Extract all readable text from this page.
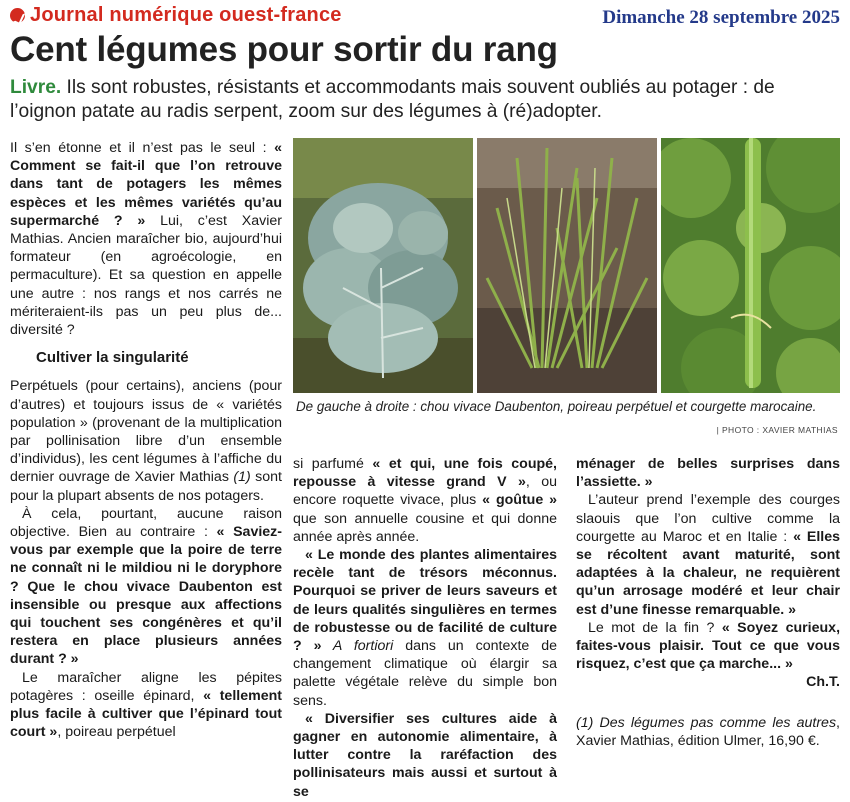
Journal numérique ouest-france	Dimanche 28 septembre 2025
Cent légumes pour sortir du rang
Livre. Ils sont robustes, résistants et accommodants mais souvent oubliés au potager : de l’oignon patate au radis serpent, zoom sur des légumes à (ré)adopter.

Il s’en étonne et il n’est pas le seul : « Comment se fait-il que l’on retrouve dans tant de potagers les mêmes espèces et les mêmes variétés qu’au supermarché ? » Lui, c’est Xavier Mathias. Ancien maraîcher bio, aujourd’hui formateur (en agroécologie, en permaculture). Et sa question en appelle une autre : nos rangs et nos carrés ne mériteraient-ils pas un peu plus de... diversité ?

Cultiver la singularité

Perpétuels (pour certains), anciens (pour d’autres) et toujours issus de « variétés population » (provenant de la multiplication par pollinisation libre d’un ensemble d’individus), les cent légumes à l’affiche du dernier ouvrage de Xavier Mathias (1) sont pour la plupart absents de nos potagers.

À cela, pourtant, aucune raison objective. Bien au contraire : « Saviez-vous par exemple que la poire de terre ne connaît ni le mildiou ni le doryphore ? Que le chou vivace Daubenton est insensible ou presque aux affections qui touchent ses congénères et qu’il restera en place plusieurs années durant ? »

Le maraîcher aligne les pépites potagères : oseille épinard, « tellement plus facile à cultiver que l’épinard tout court », poireau perpétuel

De gauche à droite : chou vivace Daubenton, poireau perpétuel et courgette marocaine.
| PHOTO : XAVIER MATHIAS

si parfumé « et qui, une fois coupé, repousse à vitesse grand V », ou encore roquette vivace, plus « goûtue » que son annuelle cousine et qui donne année après année.

« Le monde des plantes alimentaires recèle tant de trésors méconnus. Pourquoi se priver de leurs saveurs et de leurs qualités singulières en termes de robustesse ou de facilité de culture ? » A fortiori dans un contexte de changement climatique où élargir sa palette végétale relève du simple bon sens.

« Diversifier ses cultures aide à gagner en autonomie alimentaire, à lutter contre la raréfaction des pollinisateurs mais aussi et surtout à se

ménager de belles surprises dans l’assiette. »

L’auteur prend l’exemple des courges slaouis que l’on cultive comme la courgette au Maroc et en Italie : « Elles se récoltent avant maturité, sont adaptées à la chaleur, ne requièrent qu’un arrosage modéré et leur chair est d’une finesse remarquable. »

Le mot de la fin ? « Soyez curieux, faites-vous plaisir. Tout ce que vous risquez, c’est que ça marche... »

Ch.T.

(1) Des légumes pas comme les autres, Xavier Mathias, édition Ulmer, 16,90 €.
